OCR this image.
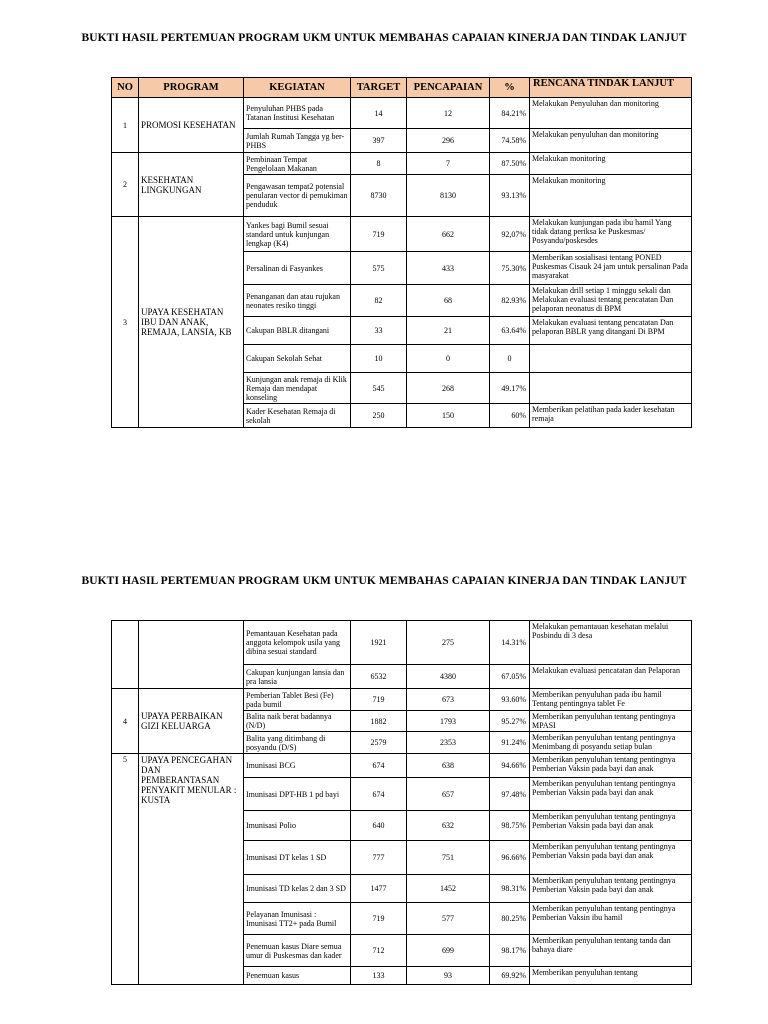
BUKTI HASIL PERTEMUAN PROGRAM UKM UNTUK MEMBAHAS CAPAIAN KINERJA DAN TINDAK LANJUT
NO	PROGRAM	KEGIATAN	TARGET	PENCAPAIAN	%	RENCANA TINDAK LANJUT
1	PROMOSI KESEHATAN	Penyuluhan PHBS pada Tatanan Institusi Kesehatan	14	12	84.21%	Melakukan Penyuluhan dan monitoring
		Jumlah Rumah Tangga yg ber-PHBS	397	296	74.58%	Melakukan penyuluhan dan monitoring
2	KESEHATAN LINGKUNGAN	Pembinaan Tempat Pengelolaan Makanan	8	7	87.50%	Melakukan monitoring
		Pengawasan tempat2 potensial penularan vector di pemukiman penduduk	8730	8130	93.13%	Melakukan monitoring
3	UPAYA KESEHATAN IBU DAN ANAK, REMAJA, LANSIA, KB	Yankes bagi Bumil sesuai standard untuk kunjungan lengkap (K4)	719	662	92,07%	Melakukan kunjungan pada ibu hamil Yang tidak datang periksa ke Puskesmas/ Posyandu/poskesdes
		Persalinan di Fasyankes	575	433	75.30%	Memberikan sosialisasi tentang PONED Puskesmas Cisauk 24 jam untuk persalinan Pada masyarakat
		Penanganan dan atau rujukan neonates resiko tinggi	82	68	82.93%	Melakukan drill setiap 1 minggu sekali dan Melakukan evaluasi tentang pencatatan Dan pelaporan neonatus di BPM
		Cakupan BBLR ditangani	33	21	63.64%	Melakukan evaluasi tentang pencatatan Dan pelaporan BBLR yang ditangani Di BPM
		Cakupan Sekolah Sehat	10	0	0	
		Kunjungan anak remaja di Klik Remaja dan mendapat konseling	545	268	49.17%	
		Kader Kesehatan Remaja di sekolah	250	150	60%	Memberikan pelatihan pada kader kesehatan remaja
BUKTI HASIL PERTEMUAN PROGRAM UKM UNTUK MEMBAHAS CAPAIAN KINERJA DAN TINDAK LANJUT
		Pemantauan Kesehatan pada anggota kelompok usila yang dibina sesuai standard	1921	275	14.31%	Melakukan pemantauan kesehatan melalui Posbindu di 3 desa
		Cakupan kunjungan lansia dan pra lansia	6532	4380	67.05%	Melakukan evaluasi pencatatan dan Pelaporan
4	UPAYA PERBAIKAN GIZI KELUARGA	Pemberian Tablet Besi (Fe) pada bumil	719	673	93.60%	Memberikan penyuluhan pada ibu hamil Tentang pentingnya tablet Fe
		Balita naik berat badannya (N/D)	1882	1793	95.27%	Memberikan penyuluhan tentang pentingnya MPASI
		Balita yang ditimbang di posyandu (D/S)	2579	2353	91.24%	Memberikan penyuluhan tentang pentingnya Menimbang di posyandu setiap bulan
5	UPAYA PENCEGAHAN DAN PEMBERANTASAN PENYAKIT MENULAR : KUSTA	Imunisasi BCG	674	638	94.66%	Memberikan penyuluhan tentang pentingnya Pemberian Vaksin pada bayi dan anak
		Imunisasi DPT-HB 1 pd bayi	674	657	97.48%	Memberikan penyuluhan tentang pentingnya Pemberian Vaksin pada bayi dan anak
		Imunisasi Polio	640	632	98.75%	Memberikan penyuluhan tentang pentingnya Pemberian Vaksin pada bayi dan anak
		Imunisasi DT kelas 1 SD	777	751	96.66%	Memberikan penyuluhan tentang pentingnya Pemberian Vaksin pada bayi dan anak
		Imunisasi TD kelas 2 dan 3 SD	1477	1452	98.31%	Memberikan penyuluhan tentang pentingnya Pemberian Vaksin pada bayi dan anak
		Pelayanan Imunisasi : Imunisasi TT2+ pada Bumil	719	577	80.25%	Memberikan penyuluhan tentang pentingnya Pemberian Vaksin ibu hamil
		Penemuan kasus Diare semua umur di Puskesmas dan kader	712	699	98.17%	Memberikan penyuluhan tentang tanda dan bahaya diare
		Penemuan kasus	133	93	69.92%	Memberikan penyuluhan tentang
